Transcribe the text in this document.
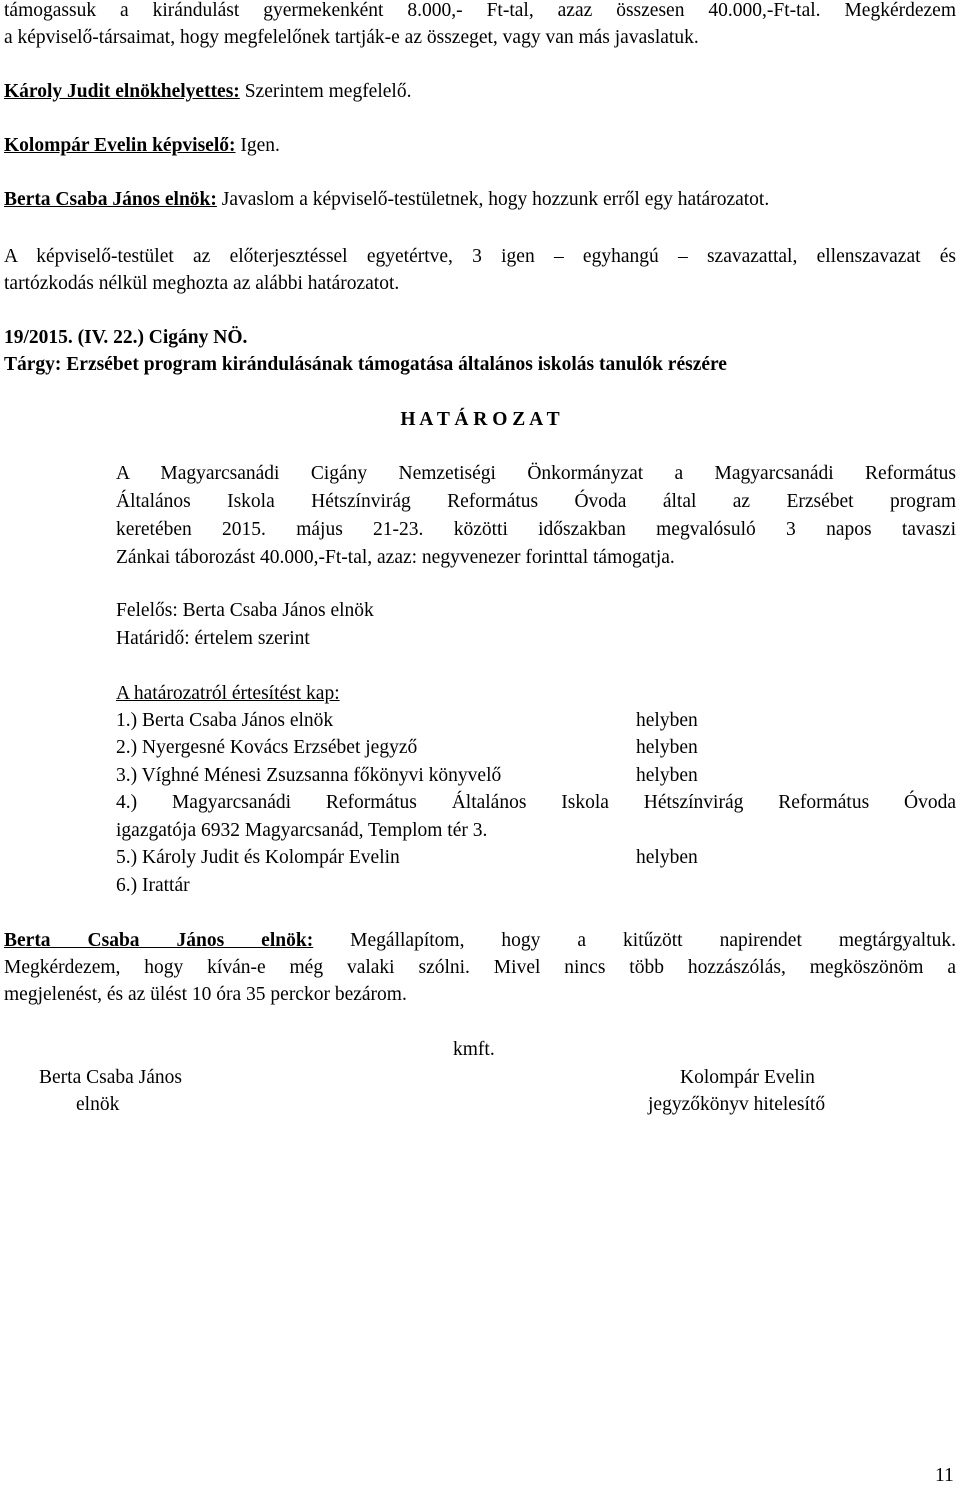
támogassuk a kirándulást gyermekenként 8.000,- Ft-tal, azaz összesen 40.000,-Ft-tal. Megkérdezem
a képviselő-társaimat, hogy megfelelőnek tartják-e az összeget, vagy van más javaslatuk.
Károly Judit elnökhelyettes: Szerintem megfelelő.
Kolompár Evelin képviselő: Igen.
Berta Csaba János elnök: Javaslom a képviselő-testületnek, hogy hozzunk erről egy határozatot.
A képviselő-testület az előterjesztéssel egyetértve, 3 igen – egyhangú – szavazattal, ellenszavazat és
tartózkodás nélkül meghozta az alábbi határozatot.
19/2015. (IV. 22.) Cigány NÖ.
Tárgy: Erzsébet program kirándulásának támogatása általános iskolás tanulók részére
H A T Á R O Z A T
A Magyarcsanádi Cigány Nemzetiségi Önkormányzat a Magyarcsanádi Református
Általános Iskola Hétszínvirág Református Óvoda által az Erzsébet program
keretében 2015. május 21-23. közötti időszakban megvalósuló 3 napos tavaszi
Zánkai táborozást 40.000,-Ft-tal, azaz: negyvenezer forinttal támogatja.
Felelős: Berta Csaba János elnök
Határidő: értelem szerint
A határozatról értesítést kap:
1.) Berta Csaba János elnök	helyben
2.) Nyergesné Kovács Erzsébet jegyző	helyben
3.) Víghné Ménesi Zsuzsanna főkönyvi könyvelő	helyben
4.) Magyarcsanádi Református Általános Iskola Hétszínvirág Református Óvoda
igazgatója 6932 Magyarcsanád, Templom tér 3.
5.) Károly Judit és Kolompár Evelin	helyben
6.) Irattár
Berta Csaba János elnök: Megállapítom, hogy a kitűzött napirendet megtárgyaltuk.
Megkérdezem, hogy kíván-e még valaki szólni. Mivel nincs több hozzászólás, megköszönöm a
megjelenést, és az ülést 10 óra 35 perckor bezárom.
kmft.
Berta Csaba János
elnök
Kolompár Evelin
jegyzőkönyv hitelesítő
11
